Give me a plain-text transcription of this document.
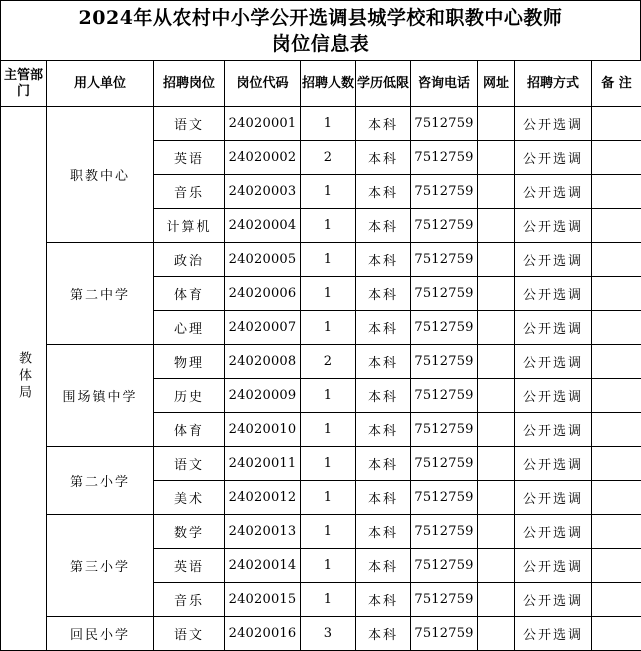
2024年从农村中小学公开选调县城学校和职教中心教师
岗位信息表
主管部门	用人单位	招聘岗位	岗位代码	招聘人数	学历低限	咨询电话	网址	招聘方式	备 注
教体局	职教中心	语文	24020001	1	本科	7512759		公开选调	
		英语	24020002	2	本科	7512759		公开选调	
		音乐	24020003	1	本科	7512759		公开选调	
		计算机	24020004	1	本科	7512759		公开选调	
	第二中学	政治	24020005	1	本科	7512759		公开选调	
		体育	24020006	1	本科	7512759		公开选调	
		心理	24020007	1	本科	7512759		公开选调	
	围场镇中学	物理	24020008	2	本科	7512759		公开选调	
		历史	24020009	1	本科	7512759		公开选调	
		体育	24020010	1	本科	7512759		公开选调	
	第二小学	语文	24020011	1	本科	7512759		公开选调	
		美术	24020012	1	本科	7512759		公开选调	
	第三小学	数学	24020013	1	本科	7512759		公开选调	
		英语	24020014	1	本科	7512759		公开选调	
		音乐	24020015	1	本科	7512759		公开选调	
	回民小学	语文	24020016	3	本科	7512759		公开选调	
